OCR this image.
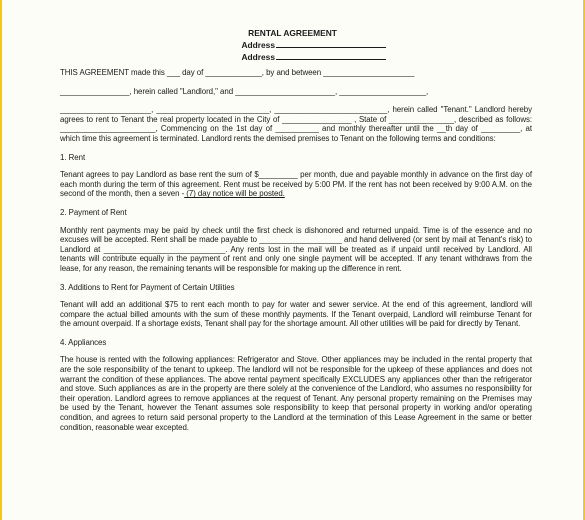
RENTAL AGREEMENT
Address
Address

THIS AGREEMENT made this ___ day of _____________, by and between _____________________

________________, herein called "Landlord," and _______________________, ____________________,

_____________________, __________________________, __________________________, herein called "Tenant." Landlord hereby agrees to rent to Tenant the real property located in the City of ________________ , State of _______________, described as follows: ______________________, Commencing on the 1st day of __________ and monthly thereafter until the __th day of _________, at which time this agreement is terminated. Landlord rents the demised premises to Tenant on the following terms and conditions:

1. Rent

Tenant agrees to pay Landlord as base rent the sum of $_________ per month, due and payable monthly in advance on the first day of each month during the term of this agreement. Rent must be received by 5:00 PM. If the rent has not been received by 9:00 A.M. on the second of the month, then a seven - (7) day notice will be posted.

2. Payment of Rent

Monthly rent payments may be paid by check until the first check is dishonored and returned unpaid. Time is of the essence and no excuses will be accepted. Rent shall be made payable to ___________________ and hand delivered (or sent by mail at Tenant's risk) to Landlord at ____________________________. Any rents lost in the mail will be treated as if unpaid until received by Landlord. All tenants will contribute equally in the payment of rent and only one single payment will be accepted. If any tenant withdraws from the lease, for any reason, the remaining tenants will be responsible for making up the difference in rent.

3. Additions to Rent for Payment of Certain Utilities

Tenant will add an additional $75 to rent each month to pay for water and sewer service. At the end of this agreement, landlord will compare the actual billed amounts with the sum of these monthly payments. If the Tenant overpaid, Landlord will reimburse Tenant for the amount overpaid. If a shortage exists, Tenant shall pay for the shortage amount. All other utilities will be paid for directly by Tenant.

4. Appliances

The house is rented with the following appliances: Refrigerator and Stove. Other appliances may be included in the rental property that are the sole responsibility of the tenant to upkeep. The landlord will not be responsible for the upkeep of these appliances and does not warrant the condition of these appliances. The above rental payment specifically EXCLUDES any appliances other than the refrigerator and stove. Such appliances as are in the property are there solely at the convenience of the Landlord, who assumes no responsibility for their operation. Landlord agrees to remove appliances at the request of Tenant. Any personal property remaining on the Premises may be used by the Tenant, however the Tenant assumes sole responsibility to keep that personal property in working and/or operating condition, and agrees to return said personal property to the Landlord at the termination of this Lease Agreement in the same or better condition, reasonable wear excepted.
